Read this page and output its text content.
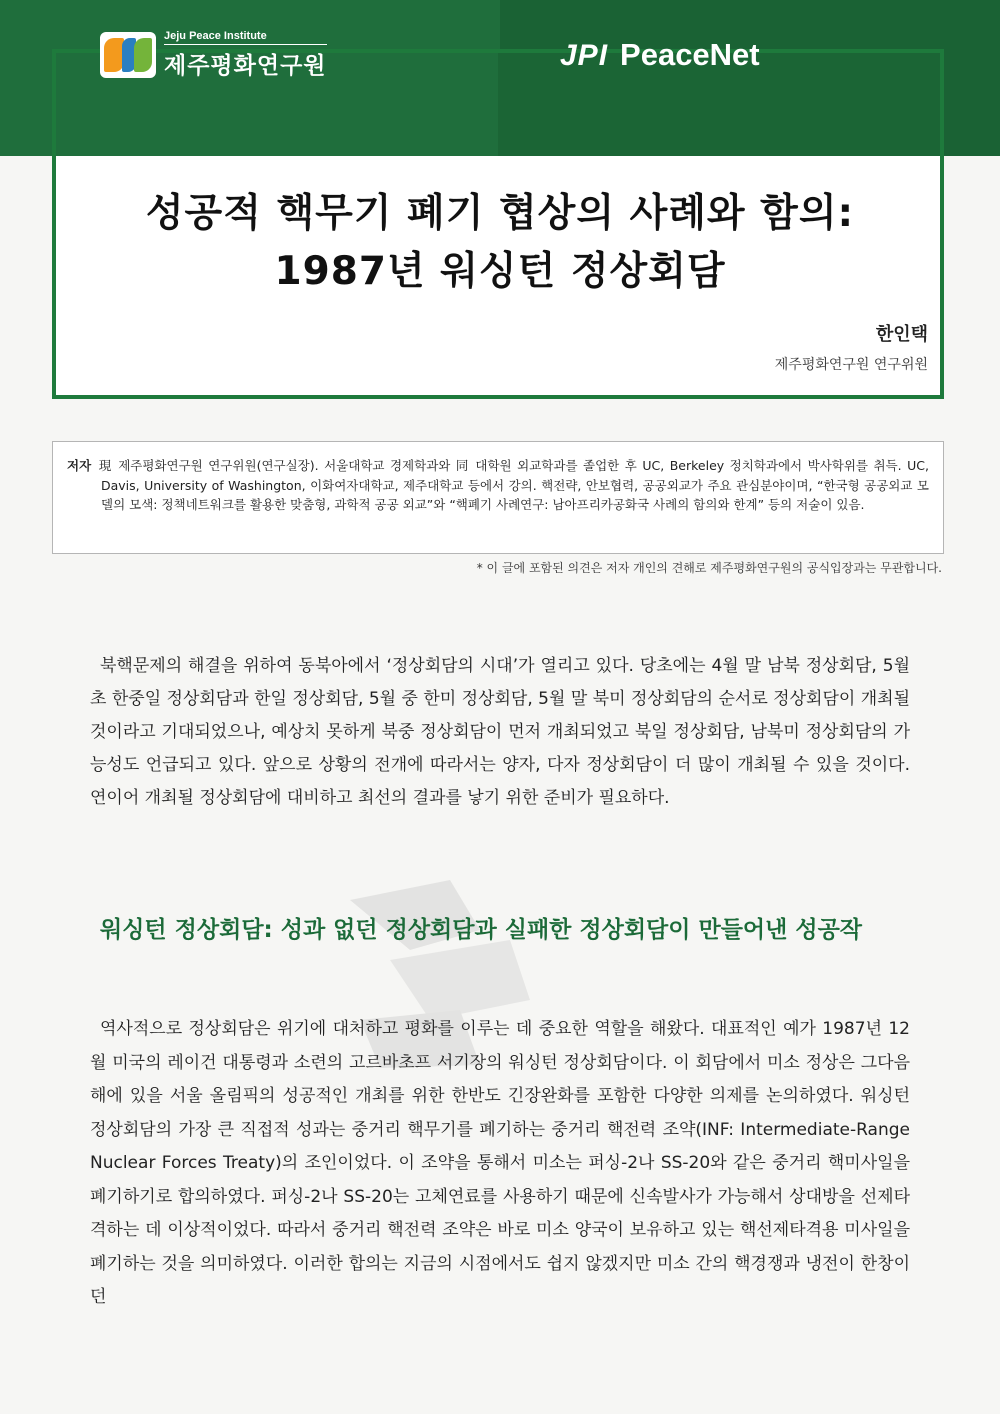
Jeju Peace Institute
제주평화연구원	JPI PeaceNet
성공적 핵무기 폐기 협상의 사례와 함의:
1987년 워싱턴 정상회담
한인택
제주평화연구원 연구위원
저자 現 제주평화연구원 연구위원(연구실장). 서울대학교 경제학과와 同 대학원 외교학과를 졸업한 후 UC, Berkeley 정치학과에서 박사학위를 취득. UC, Davis, University of Washington, 이화여자대학교, 제주대학교 등에서 강의. 핵전략, 안보협력, 공공외교가 주요 관심분야이며, “한국형 공공외교 모델의 모색: 정책네트워크를 활용한 맞춤형, 과학적 공공 외교”와 “핵폐기 사례연구: 남아프리카공화국 사례의 함의와 한계” 등의 저술이 있음.
* 이 글에 포함된 의견은 저자 개인의 견해로 제주평화연구원의 공식입장과는 무관합니다.
북핵문제의 해결을 위하여 동북아에서 ‘정상회담의 시대’가 열리고 있다. 당초에는 4월 말 남북 정상회담, 5월 초 한중일 정상회담과 한일 정상회담, 5월 중 한미 정상회담, 5월 말 북미 정상회담의 순서로 정상회담이 개최될 것이라고 기대되었으나, 예상치 못하게 북중 정상회담이 먼저 개최되었고 북일 정상회담, 남북미 정상회담의 가능성도 언급되고 있다. 앞으로 상황의 전개에 따라서는 양자, 다자 정상회담이 더 많이 개최될 수 있을 것이다. 연이어 개최될 정상회담에 대비하고 최선의 결과를 낳기 위한 준비가 필요하다.
워싱턴 정상회담: 성과 없던 정상회담과 실패한 정상회담이 만들어낸 성공작
역사적으로 정상회담은 위기에 대처하고 평화를 이루는 데 중요한 역할을 해왔다. 대표적인 예가 1987년 12월 미국의 레이건 대통령과 소련의 고르바초프 서기장의 워싱턴 정상회담이다. 이 회담에서 미소 정상은 그다음 해에 있을 서울 올림픽의 성공적인 개최를 위한 한반도 긴장완화를 포함한 다양한 의제를 논의하였다. 워싱턴 정상회담의 가장 큰 직접적 성과는 중거리 핵무기를 폐기하는 중거리 핵전력 조약(INF: Intermediate-Range Nuclear Forces Treaty)의 조인이었다. 이 조약을 통해서 미소는 퍼싱-2나 SS-20와 같은 중거리 핵미사일을 폐기하기로 합의하였다. 퍼싱-2나 SS-20는 고체연료를 사용하기 때문에 신속발사가 가능해서 상대방을 선제타격하는 데 이상적이었다. 따라서 중거리 핵전력 조약은 바로 미소 양국이 보유하고 있는 핵선제타격용 미사일을 폐기하는 것을 의미하였다. 이러한 합의는 지금의 시점에서도 쉽지 않겠지만 미소 간의 핵경쟁과 냉전이 한창이던
